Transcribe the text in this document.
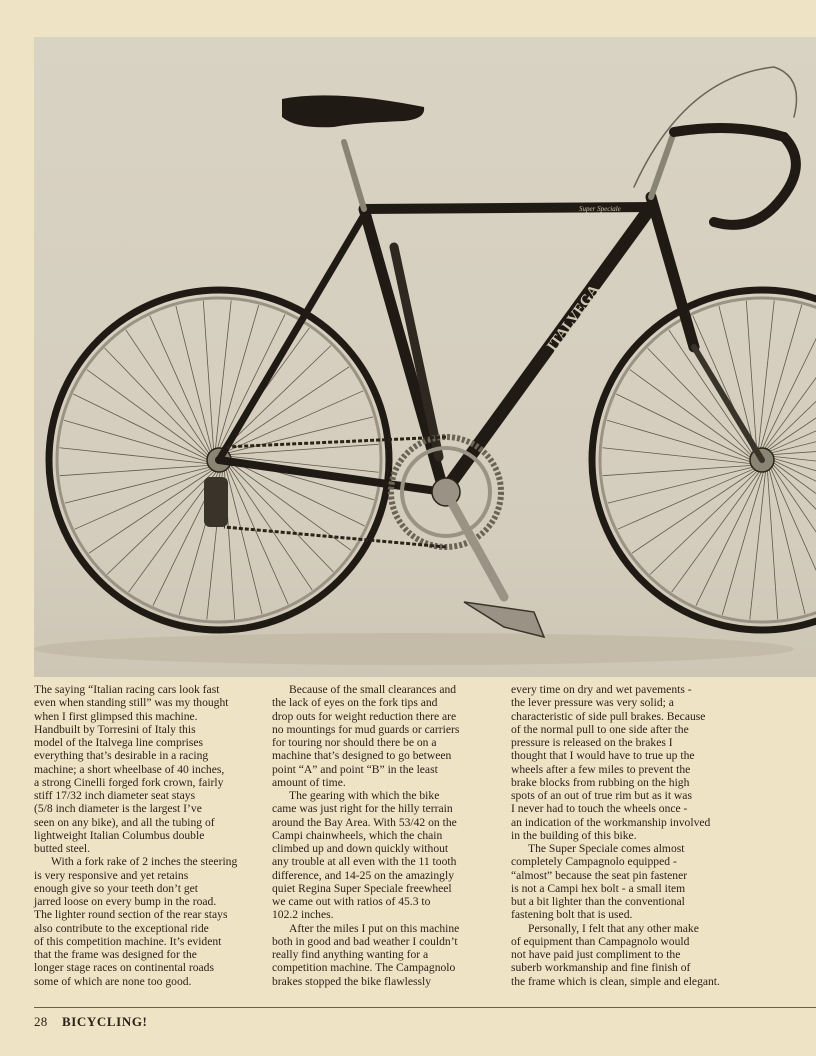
ITALVEGA
Super Speciale

The saying “Italian racing cars look fast
even when standing still” was my thought
when I first glimpsed this machine.
Handbuilt by Torresini of Italy this
model of the Italvega line comprises
everything that’s desirable in a racing
machine; a short wheelbase of 40 inches,
a strong Cinelli forged fork crown, fairly
stiff 17/32 inch diameter seat stays
(5/8 inch diameter is the largest I’ve
seen on any bike), and all the tubing of
lightweight Italian Columbus double
butted steel.

With a fork rake of 2 inches the steering
is very responsive and yet retains
enough give so your teeth don’t get
jarred loose on every bump in the road.
The lighter round section of the rear stays
also contribute to the exceptional ride
of this competition machine. It’s evident
that the frame was designed for the
longer stage races on continental roads
some of which are none too good.

Because of the small clearances and
the lack of eyes on the fork tips and
drop outs for weight reduction there are
no mountings for mud guards or carriers
for touring nor should there be on a
machine that’s designed to go between
point “A” and point “B” in the least
amount of time.

The gearing with which the bike
came was just right for the hilly terrain
around the Bay Area. With 53/42 on the
Campi chainwheels, which the chain
climbed up and down quickly without
any trouble at all even with the 11 tooth
difference, and 14-25 on the amazingly
quiet Regina Super Speciale freewheel
we came out with ratios of 45.3 to
102.2 inches.

After the miles I put on this machine
both in good and bad weather I couldn’t
really find anything wanting for a
competition machine. The Campagnolo
brakes stopped the bike flawlessly

every time on dry and wet pavements -
the lever pressure was very solid; a
characteristic of side pull brakes. Because
of the normal pull to one side after the
pressure is released on the brakes I
thought that I would have to true up the
wheels after a few miles to prevent the
brake blocks from rubbing on the high
spots of an out of true rim but as it was
I never had to touch the wheels once -
an indication of the workmanship involved
in the building of this bike.

The Super Speciale comes almost
completely Campagnolo equipped -
“almost” because the seat pin fastener
is not a Campi hex bolt - a small item
but a bit lighter than the conventional
fastening bolt that is used.

Personally, I felt that any other make
of equipment than Campagnolo would
not have paid just compliment to the
suberb workmanship and fine finish of
the frame which is clean, simple and elegant.

28 BICYCLING!
